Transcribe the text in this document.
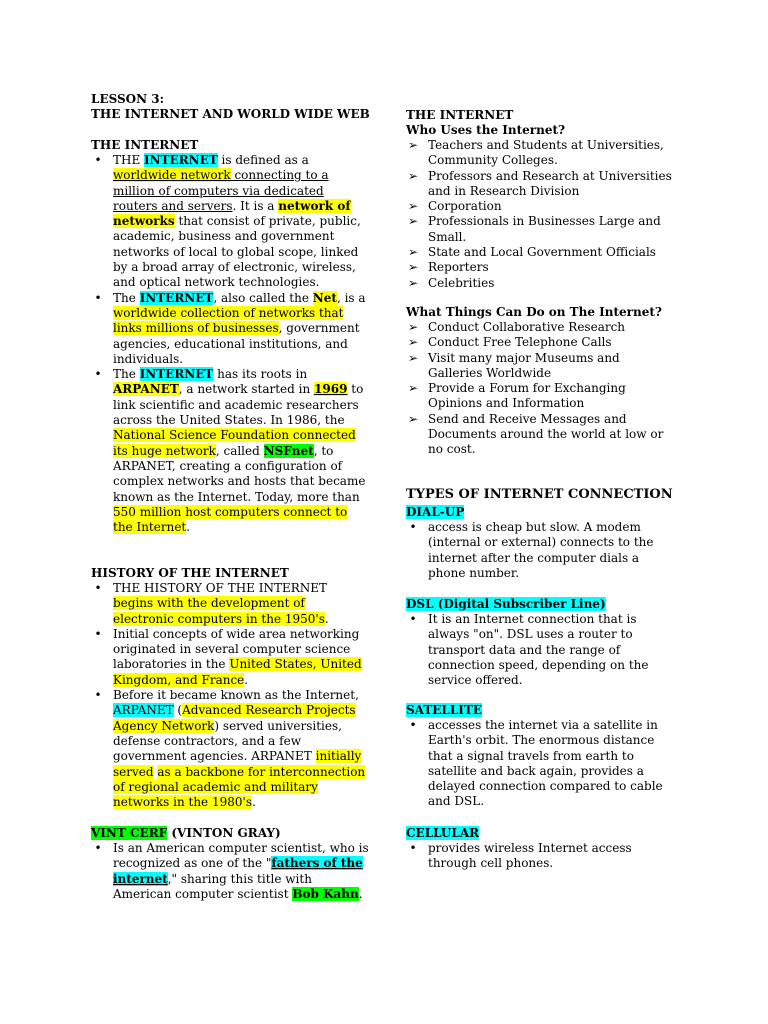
LESSON 3:
THE INTERNET AND WORLD WIDE WEB
THE INTERNET
• THE INTERNET is defined as a worldwide network connecting to a million of computers via dedicated routers and servers. It is a network of networks that consist of private, public, academic, business and government networks of local to global scope, linked by a broad array of electronic, wireless, and optical network technologies.
• The INTERNET, also called the Net, is a worldwide collection of networks that links millions of businesses, government agencies, educational institutions, and individuals.
• The INTERNET has its roots in ARPANET, a network started in 1969 to link scientific and academic researchers across the United States. In 1986, the National Science Foundation connected its huge network, called NSFnet, to ARPANET, creating a configuration of complex networks and hosts that became known as the Internet. Today, more than 550 million host computers connect to the Internet.
HISTORY OF THE INTERNET
• THE HISTORY OF THE INTERNET begins with the development of electronic computers in the 1950's.
• Initial concepts of wide area networking originated in several computer science laboratories in the United States, United Kingdom, and France.
• Before it became known as the Internet, ARPANET (Advanced Research Projects Agency Network) served universities, defense contractors, and a few government agencies. ARPANET initially served as a backbone for interconnection of regional academic and military networks in the 1980's.
VINT CERF (VINTON GRAY)
• Is an American computer scientist, who is recognized as one of the "fathers of the internet," sharing this title with American computer scientist Bob Kahn.
THE INTERNET
Who Uses the Internet?
➢ Teachers and Students at Universities, Community Colleges.
➢ Professors and Research at Universities and in Research Division
➢ Corporation
➢ Professionals in Businesses Large and Small.
➢ State and Local Government Officials
➢ Reporters
➢ Celebrities
What Things Can Do on The Internet?
➢ Conduct Collaborative Research
➢ Conduct Free Telephone Calls
➢ Visit many major Museums and Galleries Worldwide
➢ Provide a Forum for Exchanging Opinions and Information
➢ Send and Receive Messages and Documents around the world at low or no cost.
TYPES OF INTERNET CONNECTION
DIAL-UP
• access is cheap but slow. A modem (internal or external) connects to the internet after the computer dials a phone number.
DSL (Digital Subscriber Line)
• It is an Internet connection that is always "on". DSL uses a router to transport data and the range of connection speed, depending on the service offered.
SATELLITE
• accesses the internet via a satellite in Earth's orbit. The enormous distance that a signal travels from earth to satellite and back again, provides a delayed connection compared to cable and DSL.
CELLULAR
• provides wireless Internet access through cell phones.
